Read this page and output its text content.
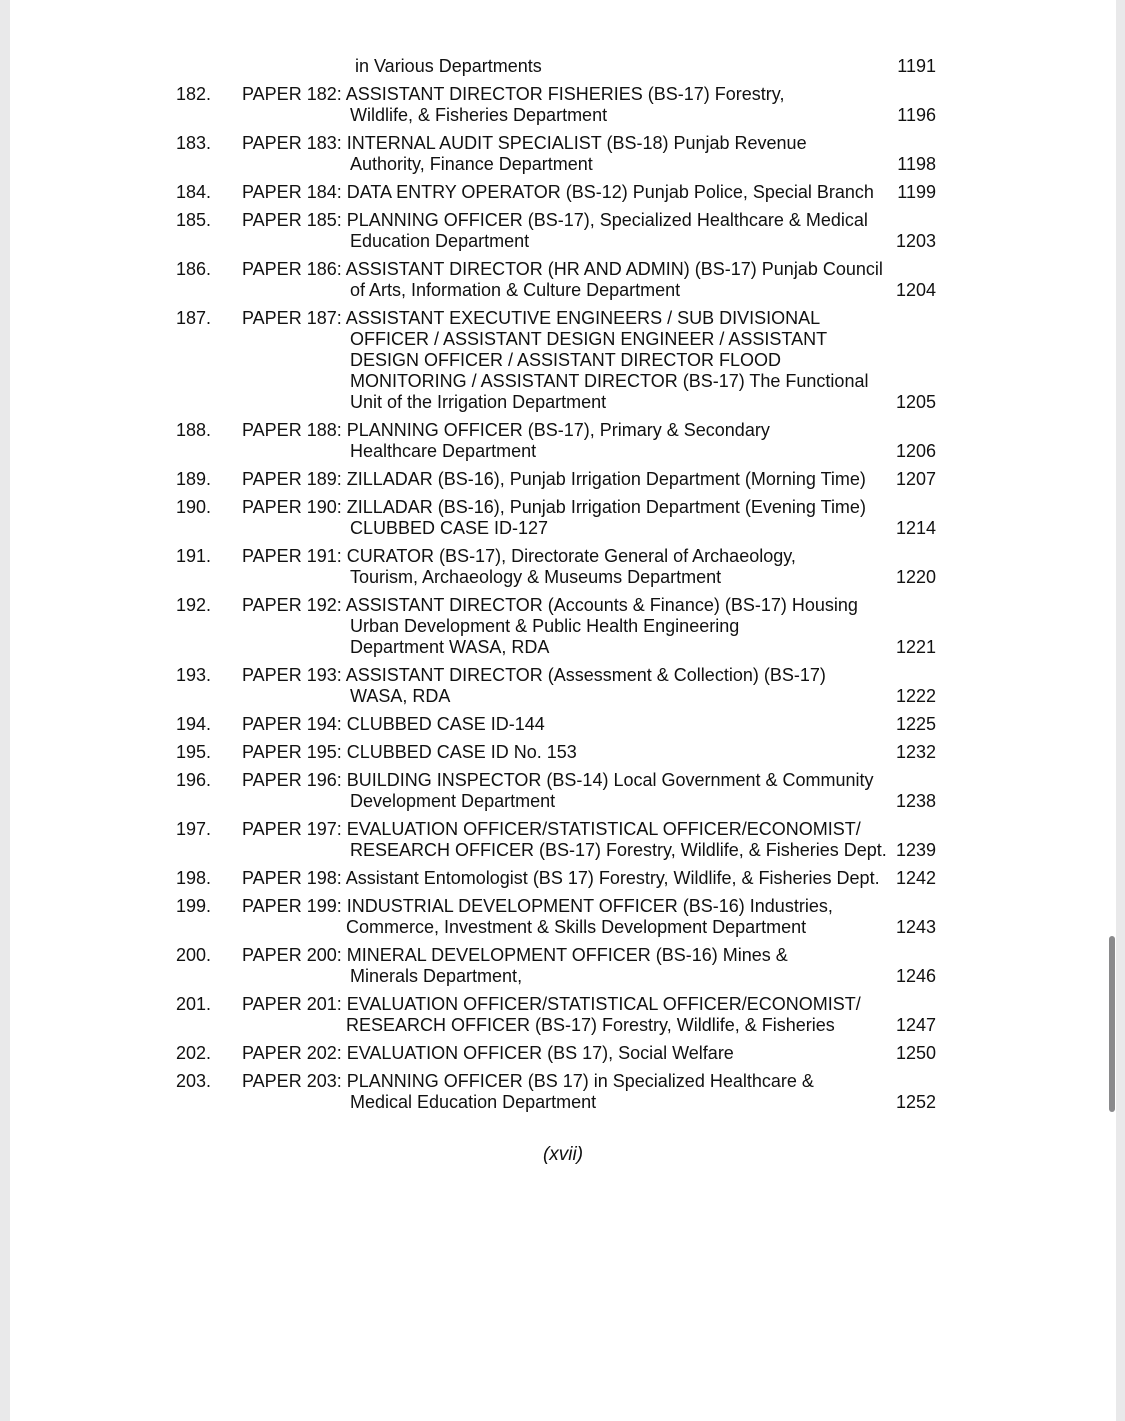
in Various Departments	1191
182.	PAPER 182: ASSISTANT DIRECTOR FISHERIES (BS-17) Forestry,
Wildlife, & Fisheries Department	1196
183.	PAPER 183: INTERNAL AUDIT SPECIALIST (BS-18) Punjab Revenue
Authority, Finance Department	1198
184.	PAPER 184: DATA ENTRY OPERATOR (BS-12) Punjab Police, Special Branch	1199
185.	PAPER 185: PLANNING OFFICER (BS-17), Specialized Healthcare & Medical
Education Department	1203
186.	PAPER 186: ASSISTANT DIRECTOR (HR AND ADMIN) (BS-17) Punjab Council
of Arts, Information & Culture Department	1204
187.	PAPER 187: ASSISTANT EXECUTIVE ENGINEERS / SUB DIVISIONAL
OFFICER / ASSISTANT DESIGN ENGINEER / ASSISTANT
DESIGN OFFICER / ASSISTANT DIRECTOR FLOOD
MONITORING / ASSISTANT DIRECTOR (BS-17) The Functional
Unit of the Irrigation Department	1205
188.	PAPER 188: PLANNING OFFICER (BS-17), Primary & Secondary
Healthcare Department	1206
189.	PAPER 189: ZILLADAR (BS-16), Punjab Irrigation Department (Morning Time)	1207
190.	PAPER 190: ZILLADAR (BS-16), Punjab Irrigation Department (Evening Time)
CLUBBED CASE ID-127	1214
191.	PAPER 191: CURATOR (BS-17), Directorate General of Archaeology,
Tourism, Archaeology & Museums Department	1220
192.	PAPER 192: ASSISTANT DIRECTOR (Accounts & Finance) (BS-17) Housing
Urban Development & Public Health Engineering
Department WASA, RDA	1221
193.	PAPER 193: ASSISTANT DIRECTOR (Assessment & Collection) (BS-17)
WASA, RDA	1222
194.	PAPER 194: CLUBBED CASE ID-144	1225
195.	PAPER 195: CLUBBED CASE ID No. 153	1232
196.	PAPER 196: BUILDING INSPECTOR (BS-14) Local Government & Community
Development Department	1238
197.	PAPER 197: EVALUATION OFFICER/STATISTICAL OFFICER/ECONOMIST/
RESEARCH OFFICER (BS-17) Forestry, Wildlife, & Fisheries Dept. 1239
198.	PAPER 198: Assistant Entomologist (BS 17) Forestry, Wildlife, & Fisheries Dept. 1242
199.	PAPER 199: INDUSTRIAL DEVELOPMENT OFFICER (BS-16) Industries,
Commerce, Investment & Skills Development Department	1243
200.	PAPER 200: MINERAL DEVELOPMENT OFFICER (BS-16) Mines &
Minerals Department,	1246
201.	PAPER 201: EVALUATION OFFICER/STATISTICAL OFFICER/ECONOMIST/
RESEARCH OFFICER (BS-17) Forestry, Wildlife, & Fisheries	1247
202.	PAPER 202: EVALUATION OFFICER (BS 17), Social Welfare	1250
203.	PAPER 203: PLANNING OFFICER (BS 17) in Specialized Healthcare &
Medical Education Department	1252
(xvii)
